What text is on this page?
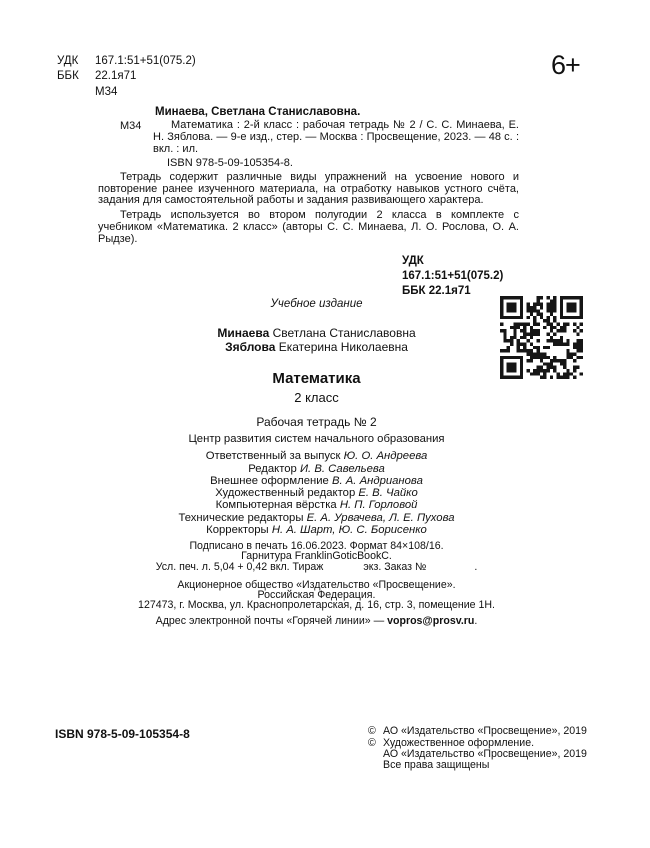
УДК	167.1:51+51(075.2)
ББК	22.1я71
М34
6+

Минаева, Светлана Станиславовна.

М34	Математика : 2-й класс : рабочая тетрадь № 2 / С. С. Минаева, Е. Н. Зяблова. — 9-е изд., стер. — Москва : Просвещение, 2023. — 48 с. : вкл. : ил.

ISBN 978-5-09-105354-8.

Тетрадь содержит различные виды упражнений на усвоение нового и повторение ранее изученного материала, на отработку навыков устного счёта, задания для самостоятельной работы и задания развивающего характера.

Тетрадь используется во втором полугодии 2 класса в комплекте с учебником «Математика. 2 класс» (авторы С. С. Минаева, Л. О. Рослова, О. А. Рыдзе).

УДК 167.1:51+51(075.2)
ББК 22.1я71
Учебное издание
Минаева Светлана Станиславовна
Зяблова Екатерина Николаевна
Математика
2 класс
Рабочая тетрадь № 2
Центр развития систем начального образования
Ответственный за выпуск Ю. О. Андреева
Редактор И. В. Савельева
Внешнее оформление В. А. Андрианова
Художественный редактор Е. В. Чайко
Компьютерная вёрстка Н. П. Горловой
Технические редакторы Е. А. Урвачева, Л. Е. Пухова
Корректоры Н. А. Шарт, Ю. С. Борисенко
Подписано в печать 16.06.2023. Формат 84×108/16.
Гарнитура FranklinGoticBookC.
Усл. печ. л. 5,04 + 0,42 вкл. Тираж	экз. Заказ №	.
Акционерное общество «Издательство «Просвещение».
Российская Федерация.
127473, г. Москва, ул. Краснопролетарская, д. 16, стр. 3, помещение 1Н.
Адрес электронной почты «Горячей линии» — vopros@prosv.ru.
ISBN 978-5-09-105354-8	© АО «Издательство «Просвещение», 2019
© Художественное оформление.
АО «Издательство «Просвещение», 2019
Все права защищены
